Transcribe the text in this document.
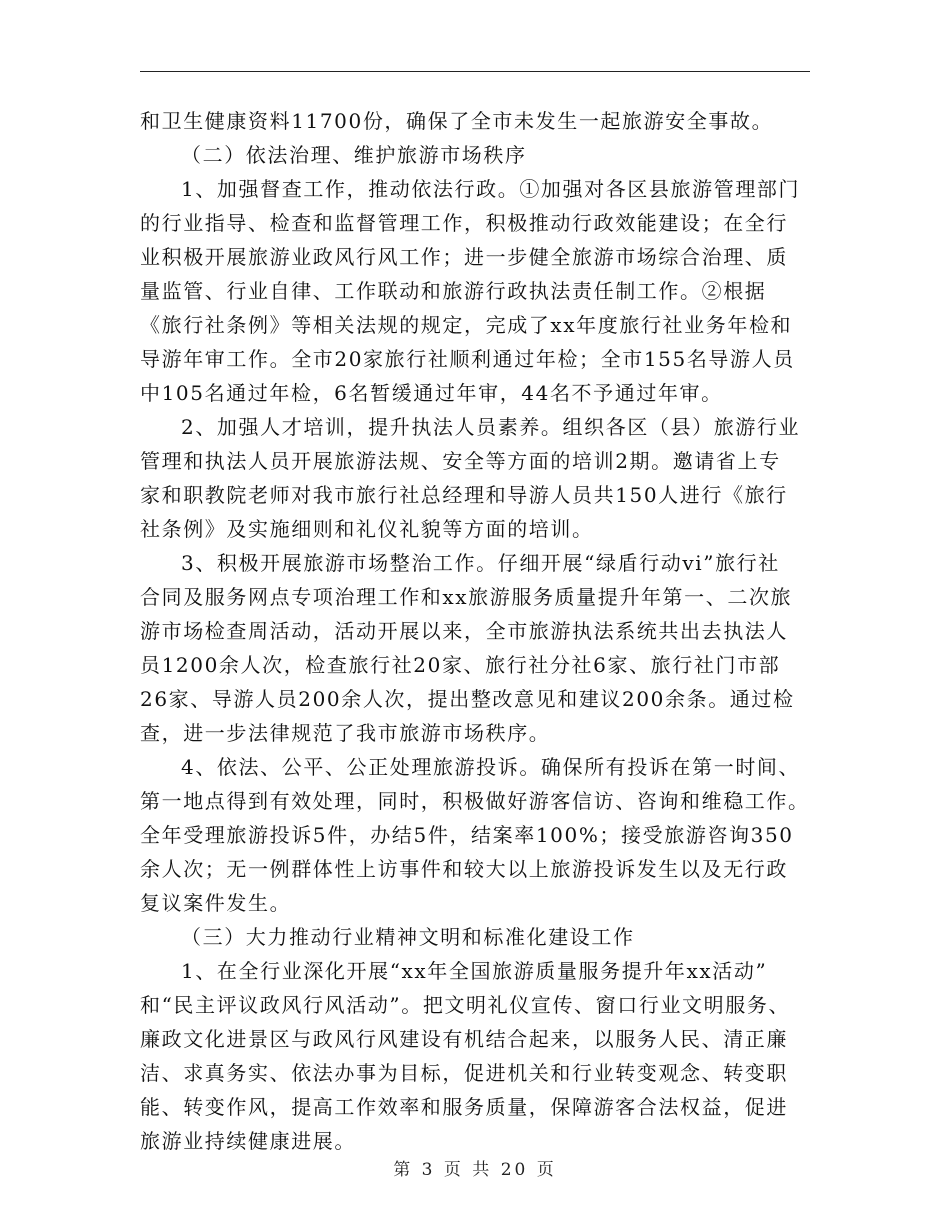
和卫生健康资料11700份，确保了全市未发生一起旅游安全事故。
（二）依法治理、维护旅游市场秩序
1、加强督查工作，推动依法行政。①加强对各区县旅游管理部门
的行业指导、检查和监督管理工作，积极推动行政效能建设；在全行
业积极开展旅游业政风行风工作；进一步健全旅游市场综合治理、质
量监管、行业自律、工作联动和旅游行政执法责任制工作。②根据
《旅行社条例》等相关法规的规定，完成了xx年度旅行社业务年检和
导游年审工作。全市20家旅行社顺利通过年检；全市155名导游人员
中105名通过年检，6名暂缓通过年审，44名不予通过年审。
2、加强人才培训，提升执法人员素养。组织各区（县）旅游行业
管理和执法人员开展旅游法规、安全等方面的培训2期。邀请省上专
家和职教院老师对我市旅行社总经理和导游人员共150人进行《旅行
社条例》及实施细则和礼仪礼貌等方面的培训。
3、积极开展旅游市场整治工作。仔细开展“绿盾行动vi”旅行社
合同及服务网点专项治理工作和xx旅游服务质量提升年第一、二次旅
游市场检查周活动，活动开展以来，全市旅游执法系统共出去执法人
员1200余人次，检查旅行社20家、旅行社分社6家、旅行社门市部
26家、导游人员200余人次，提出整改意见和建议200余条。通过检
查，进一步法律规范了我市旅游市场秩序。
4、依法、公平、公正处理旅游投诉。确保所有投诉在第一时间、
第一地点得到有效处理，同时，积极做好游客信访、咨询和维稳工作。
全年受理旅游投诉5件，办结5件，结案率100%；接受旅游咨询350
余人次；无一例群体性上访事件和较大以上旅游投诉发生以及无行政
复议案件发生。
（三）大力推动行业精神文明和标准化建设工作
1、在全行业深化开展“xx年全国旅游质量服务提升年xx活动”
和“民主评议政风行风活动”。把文明礼仪宣传、窗口行业文明服务、
廉政文化进景区与政风行风建设有机结合起来，以服务人民、清正廉
洁、求真务实、依法办事为目标，促进机关和行业转变观念、转变职
能、转变作风，提高工作效率和服务质量，保障游客合法权益，促进
旅游业持续健康进展。
第 3 页 共 20 页
